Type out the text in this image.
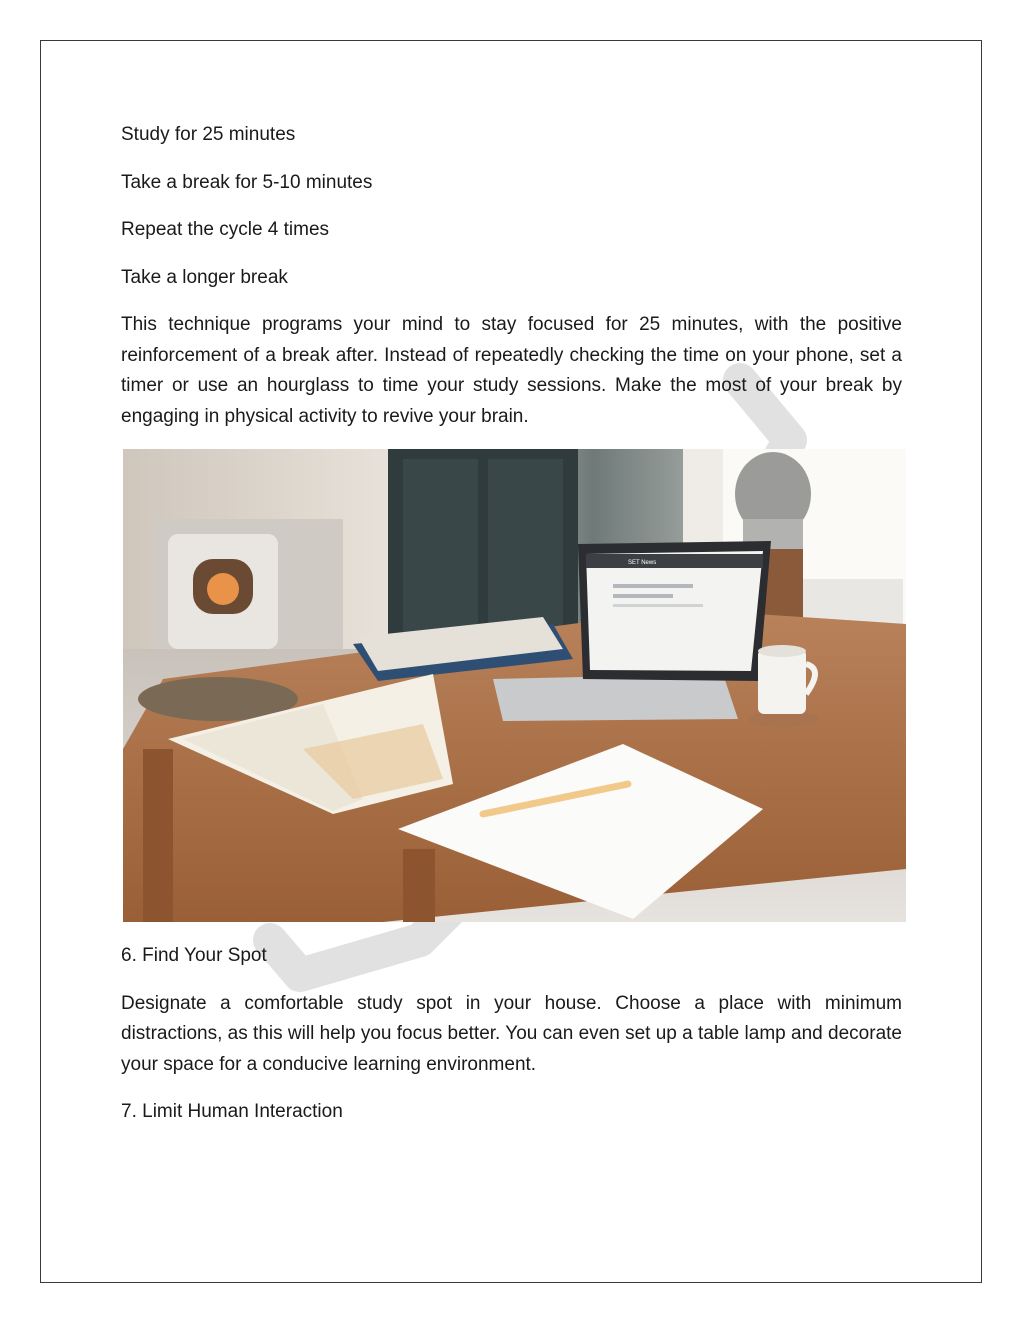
Study for 25 minutes

Take a break for 5-10 minutes

Repeat the cycle 4 times

Take a longer break

This technique programs your mind to stay focused for 25 minutes, with the positive reinforcement of a break after. Instead of repeatedly checking the time on your phone, set a timer or use an hourglass to time your study sessions. Make the most of your break by engaging in physical activity to revive your brain.

SET News

6. Find Your Spot

Designate a comfortable study spot in your house. Choose a place with minimum distractions, as this will help you focus better. You can even set up a table lamp and decorate your space for a conducive learning environment.

7. Limit Human Interaction
